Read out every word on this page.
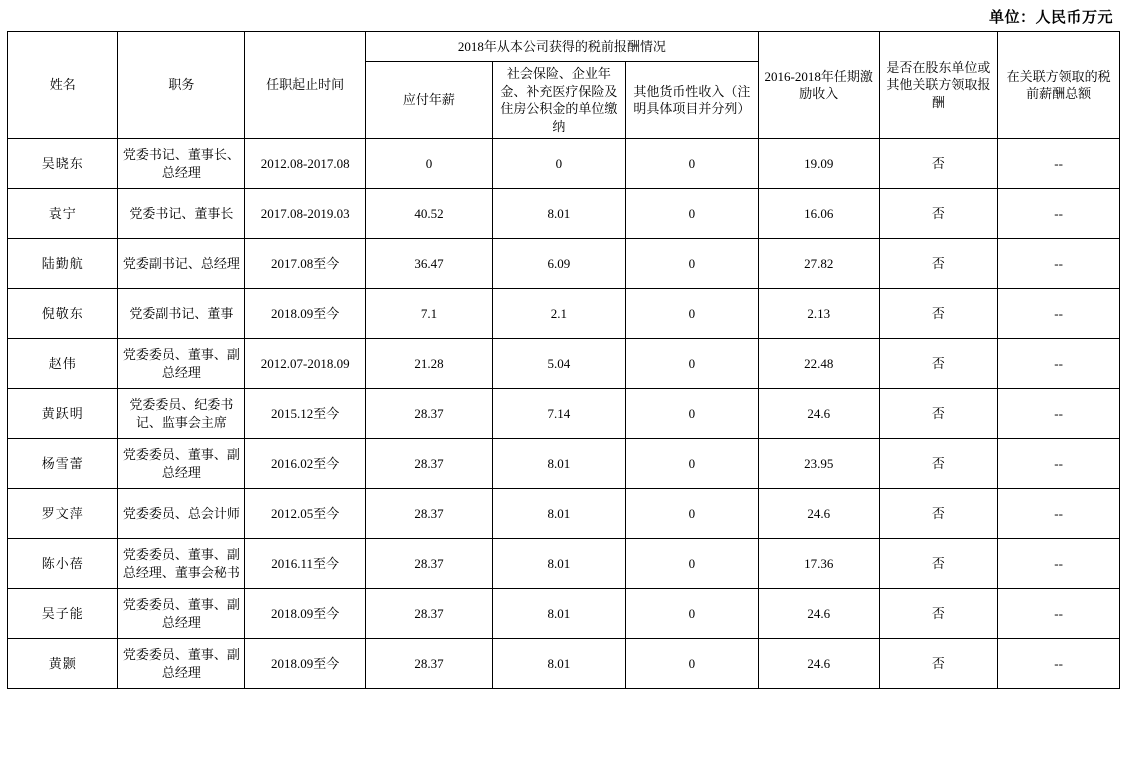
单位：人民币万元
姓名	职务	任职起止时间	2018年从本公司获得的税前报酬情况			2016-2018年任期激励收入	是否在股东单位或其他关联方领取报酬	在关联方领取的税前薪酬总额
			应付年薪	社会保险、企业年金、补充医疗保险及住房公积金的单位缴纳	其他货币性收入（注明具体项目并分列）			
吴晓东	党委书记、董事长、总经理	2012.08-2017.08	0	0	0	19.09	否	--
袁宁	党委书记、董事长	2017.08-2019.03	40.52	8.01	0	16.06	否	--
陆勤航	党委副书记、总经理	2017.08至今	36.47	6.09	0	27.82	否	--
倪敬东	党委副书记、董事	2018.09至今	7.1	2.1	0	2.13	否	--
赵伟	党委委员、董事、副总经理	2012.07-2018.09	21.28	5.04	0	22.48	否	--
黄跃明	党委委员、纪委书记、监事会主席	2015.12至今	28.37	7.14	0	24.6	否	--
杨雪蕾	党委委员、董事、副总经理	2016.02至今	28.37	8.01	0	23.95	否	--
罗文萍	党委委员、总会计师	2012.05至今	28.37	8.01	0	24.6	否	--
陈小蓓	党委委员、董事、副总经理、董事会秘书	2016.11至今	28.37	8.01	0	17.36	否	--
吴子能	党委委员、董事、副总经理	2018.09至今	28.37	8.01	0	24.6	否	--
黄颢	党委委员、董事、副总经理	2018.09至今	28.37	8.01	0	24.6	否	--
